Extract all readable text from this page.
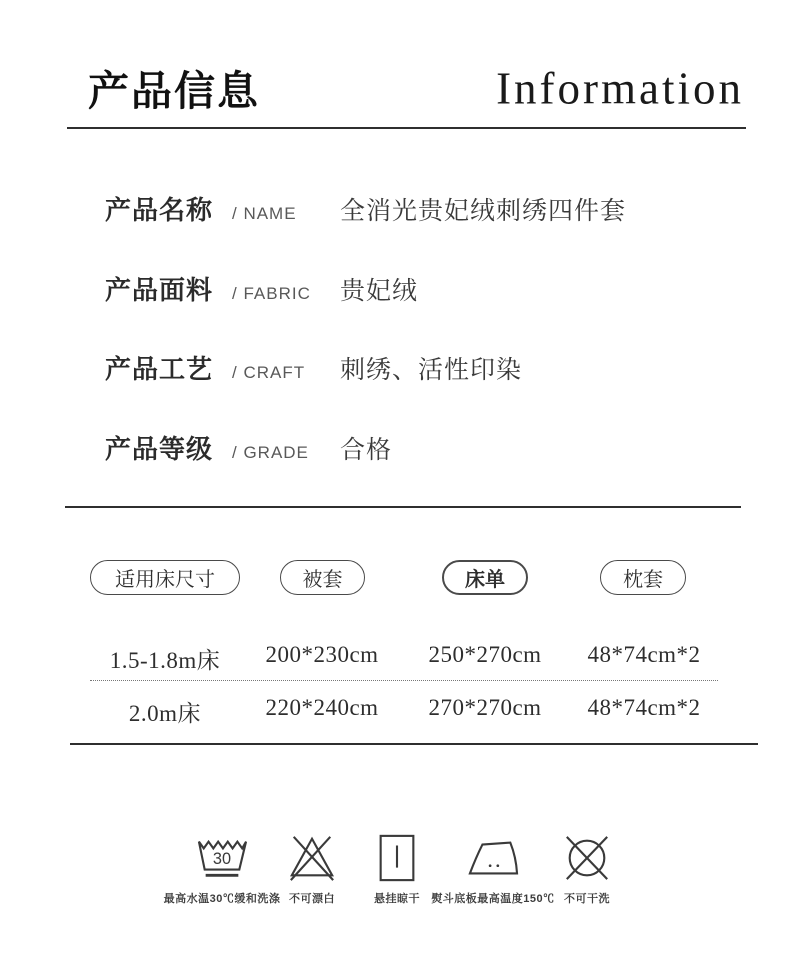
产品信息	Information
产品名称	/ NAME	全消光贵妃绒刺绣四件套
产品面料	/ FABRIC	贵妃绒
产品工艺	/ CRAFT	刺绣、活性印染
产品等级	/ GRADE	合格
适用床尺寸	被套	床单	枕套
1.5-1.8m床	200*230cm	250*270cm	48*74cm*2
2.0m床	220*240cm	270*270cm	48*74cm*2
30
最高水温30℃缓和洗涤 不可漂白	悬挂晾干 熨斗底板最高温度150℃ 不可干洗
